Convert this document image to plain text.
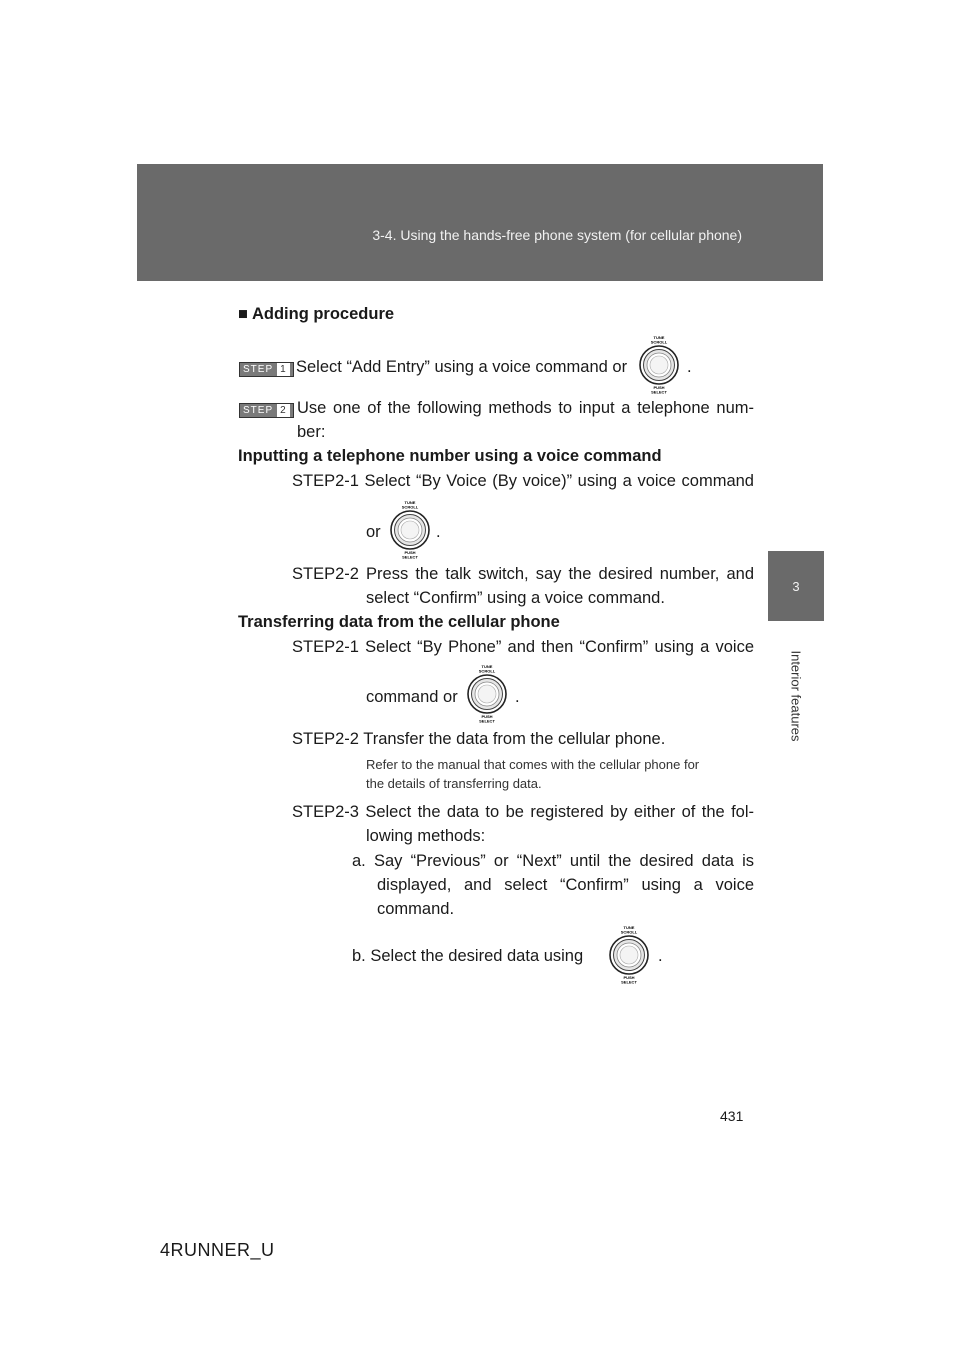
3-4. Using the hands-free phone system (for cellular phone)
3
Interior features
■ Adding procedure
STEP 1 Select “Add Entry” using a voice command or	.
STEP 2 Use one of the following methods to input a telephone num-
ber:
Inputting a telephone number using a voice command
STEP2-1 Select “By Voice (By voice)” using a voice command
or	.
STEP2-2 Press the talk switch, say the desired number, and
select “Confirm” using a voice command.
Transferring data from the cellular phone
STEP2-1 Select “By Phone” and then “Confirm” using a voice
command or	.
STEP2-2 Transfer the data from the cellular phone.
Refer to the manual that comes with the cellular phone for
the details of transferring data.
STEP2-3 Select the data to be registered by either of the fol-
lowing methods:
a. Say “Previous” or “Next” until the desired data is
displayed, and select “Confirm” using a voice
command.
b. Select the desired data using	.
TUNE
SCROLL
PUSH
SELECT
TUNE
SCROLL
PUSH
SELECT
TUNE
SCROLL
PUSH
SELECT
TUNE
SCROLL
PUSH
SELECT
431
4RUNNER_U
